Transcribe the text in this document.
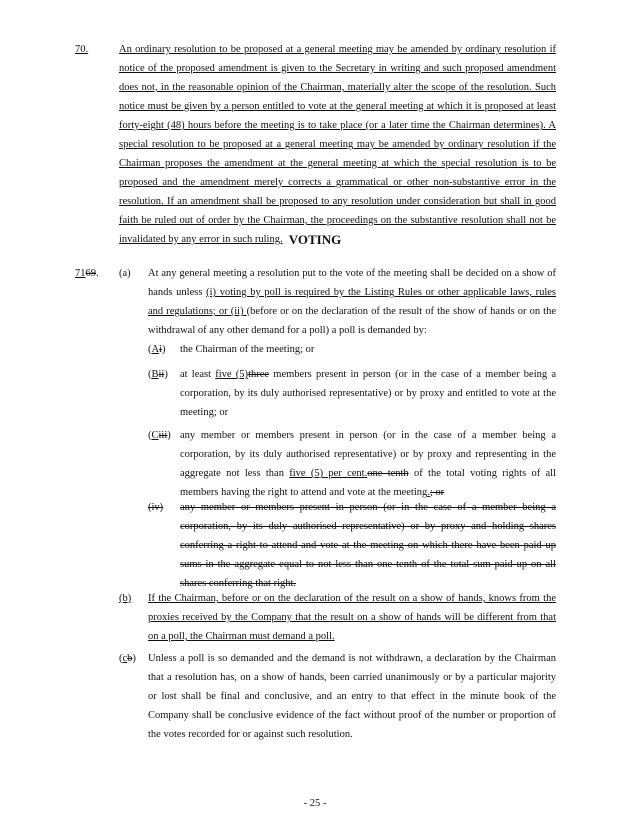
70.	An ordinary resolution to be proposed at a general meeting may be amended by ordinary resolution if notice of the proposed amendment is given to the Secretary in writing and such proposed amendment does not, in the reasonable opinion of the Chairman, materially alter the scope of the resolution. Such notice must be given by a person entitled to vote at the general meeting at which it is proposed at least forty-eight (48) hours before the meeting is to take place (or a later time the Chairman determines). A special resolution to be proposed at a general meeting may be amended by ordinary resolution if the Chairman proposes the amendment at the general meeting at which the special resolution is to be proposed and the amendment merely corrects a grammatical or other non-substantive error in the resolution. If an amendment shall be proposed to any resolution under consideration but shall in good faith be ruled out of order by the Chairman, the proceedings on the substantive resolution shall not be invalidated by any error in such ruling. VOTING
7169. (a) At any general meeting a resolution put to the vote of the meeting shall be decided on a show of hands unless (i) voting by poll is required by the Listing Rules or other applicable laws, rules and regulations; or (ii) (before or on the declaration of the result of the show of hands or on the withdrawal of any other demand for a poll) a poll is demanded by:
(Ai) the Chairman of the meeting; or
(Bii) at least five (5)three members present in person (or in the case of a member being a corporation, by its duly authorised representative) or by proxy and entitled to vote at the meeting; or
(Ciii) any member or members present in person (or in the case of a member being a corporation, by its duly authorised representative) or by proxy and representing in the aggregate not less than five (5) per cent.one tenth of the total voting rights of all members having the right to attend and vote at the meeting.; or
(iv) any member or members present in person (or in the case of a member being a corporation, by its duly authorised representative) or by proxy and holding shares conferring a right to attend and vote at the meeting on which there have been paid up sums in the aggregate equal to not less than one tenth of the total sum paid up on all shares conferring that right.
(b) If the Chairman, before or on the declaration of the result on a show of hands, knows from the proxies received by the Company that the result on a show of hands will be different from that on a poll, the Chairman must demand a poll.
(cb) Unless a poll is so demanded and the demand is not withdrawn, a declaration by the Chairman that a resolution has, on a show of hands, been carried unanimously or by a particular majority or lost shall be final and conclusive, and an entry to that effect in the minute book of the Company shall be conclusive evidence of the fact without proof of the number or proportion of the votes recorded for or against such resolution.
- 25 -
